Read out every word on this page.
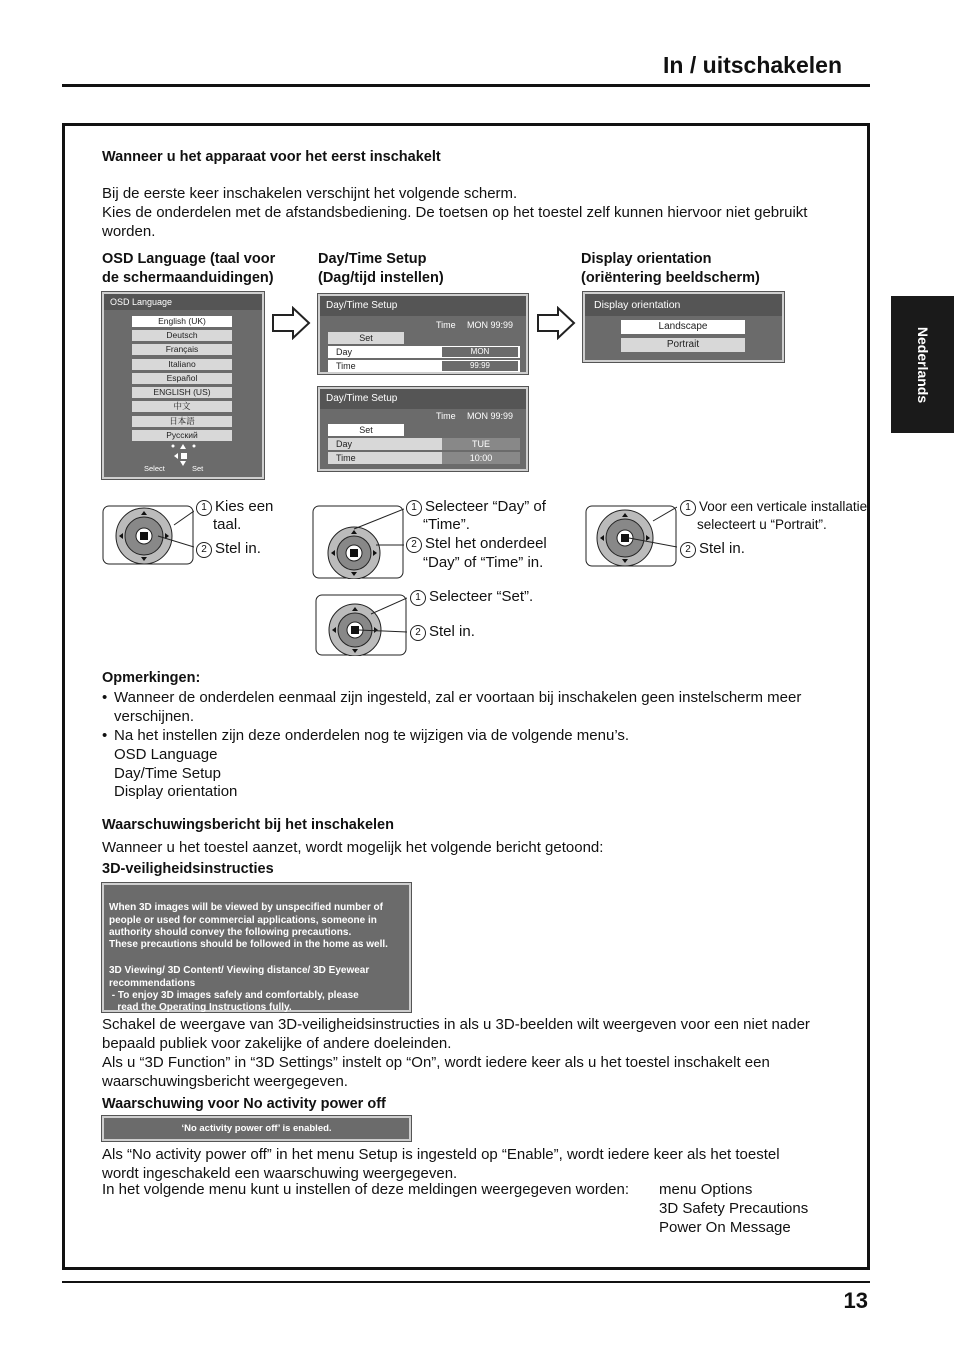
In / uitschakelen
Nederlands
Wanneer u het apparaat voor het eerst inschakelt
Bij de eerste keer inschakelen verschijnt het volgende scherm.
Kies de onderdelen met de afstandsbediening. De toetsen op het toestel zelf kunnen hiervoor niet gebruikt
worden.
OSD Language (taal voor
de schermaanduidingen)
Day/Time Setup
(Dag/tijd instellen)
Display orientation
(oriëntering beeldscherm)
OSD Language
English (UK)
Deutsch
Français
Italiano
Español
ENGLISH (US)
中文
日本語
Русский
Select	Set
Day/Time Setup
Time MON 99:99
Set
Day	MON
Time	99:99
Display orientation
Landscape
Portrait
Day/Time Setup
Time MON 99:99
Set
Day	TUE
Time	10:00
1 Kies een
taal.
2 Stel in.
1 Selecteer “Day” of
“Time”.
2 Stel het onderdeel
“Day” of “Time” in.
1 Selecteer “Set”.
2 Stel in.
1 Voor een verticale installatie
selecteert u “Portrait”.
2 Stel in.
Opmerkingen:
• Wanneer de onderdelen eenmaal zijn ingesteld, zal er voortaan bij inschakelen geen instelscherm meer
verschijnen.
• Na het instellen zijn deze onderdelen nog te wijzigen via de volgende menu’s.
OSD Language
Day/Time Setup
Display orientation
Waarschuwingsbericht bij het inschakelen
Wanneer u het toestel aanzet, wordt mogelijk het volgende bericht getoond:
3D-veiligheidsinstructies

When 3D images will be viewed by unspecified number of
people or used for commercial applications, someone in
authority should convey the following precautions.
These precautions should be followed in the home as well.

3D Viewing/ 3D Content/ Viewing distance/ 3D Eyewear
recommendations
- To enjoy 3D images safely and comfortably, please
read the Operating Instructions fully.

Schakel de weergave van 3D-veiligheidsinstructies in als u 3D-beelden wilt weergeven voor een niet nader
bepaald publiek voor zakelijke of andere doeleinden.
Als u “3D Function” in “3D Settings” instelt op “On”, wordt iedere keer als u het toestel inschakelt een
waarschuwingsbericht weergegeven.
Waarschuwing voor No activity power off
‘No activity power off’ is enabled.
Als “No activity power off” in het menu Setup is ingesteld op “Enable”, wordt iedere keer als het toestel
wordt ingeschakeld een waarschuwing weergegeven.
In het volgende menu kunt u instellen of deze meldingen weergegeven worden: menu Options
3D Safety Precautions
Power On Message
13
